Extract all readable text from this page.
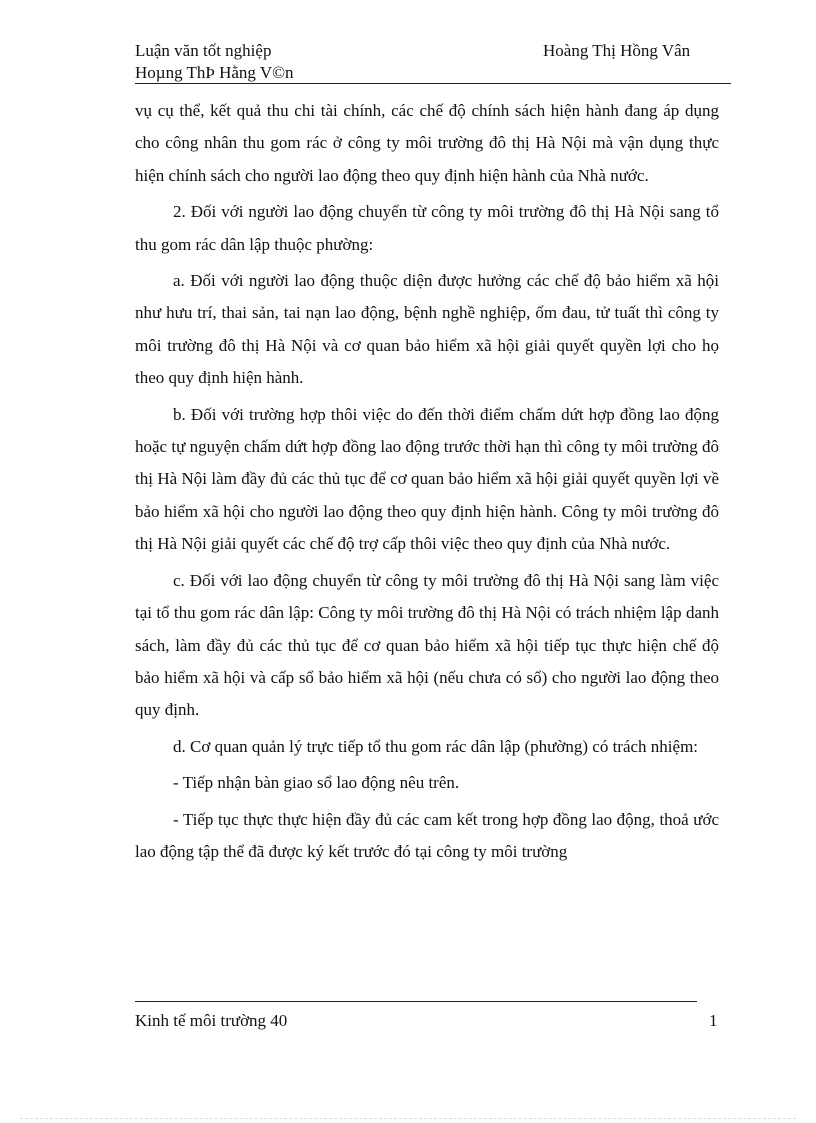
Luận văn tốt nghiệp	Hoàng Thị Hồng Vân
Hoµng ThÞ Hằng V©n

vụ cụ thể, kết quả thu chi tài chính, các chế độ chính sách hiện hành đang áp dụng cho công nhân thu gom rác ở công ty môi trường đô thị Hà Nội mà vận dụng thực hiện chính sách cho người lao động theo quy định hiện hành của Nhà nước.

2. Đối với người lao động chuyển từ công ty môi trường đô thị Hà Nội sang tổ thu gom rác dân lập thuộc phường:

a. Đối với người lao động thuộc diện được hưởng các chế độ bảo hiểm xã hội như hưu trí, thai sản, tai nạn lao động, bệnh nghề nghiệp, ốm đau, tử tuất thì công ty môi trường đô thị Hà Nội và cơ quan bảo hiểm xã hội giải quyết quyền lợi cho họ theo quy định hiện hành.

b. Đối với trường hợp thôi việc do đến thời điểm chấm dứt hợp đồng lao động hoặc tự nguyện chấm dứt hợp đồng lao động trước thời hạn thì công ty môi trường đô thị Hà Nội làm đầy đủ các thủ tục để cơ quan bảo hiểm xã hội giải quyết quyền lợi về bảo hiểm xã hội cho người lao động theo quy định hiện hành. Công ty môi trường đô thị Hà Nội giải quyết các chế độ trợ cấp thôi việc theo quy định của Nhà nước.

c. Đối với lao động chuyển từ công ty môi trường đô thị Hà Nội sang làm việc tại tổ thu gom rác dân lập: Công ty môi trường đô thị Hà Nội có trách nhiệm lập danh sách, làm đầy đủ các thủ tục để cơ quan bảo hiểm xã hội tiếp tục thực hiện chế độ bảo hiểm xã hội và cấp sổ bảo hiểm xã hội (nếu chưa có sổ) cho người lao động theo quy định.

d. Cơ quan quản lý trực tiếp tổ thu gom rác dân lập (phường) có trách nhiệm:

- Tiếp nhận bàn giao sổ lao động nêu trên.

- Tiếp tục thực thực hiện đầy đủ các cam kết trong hợp đồng lao động, thoả ước lao động tập thể đã được ký kết trước đó tại công ty môi trường

Kinh tế môi trường 40	1
